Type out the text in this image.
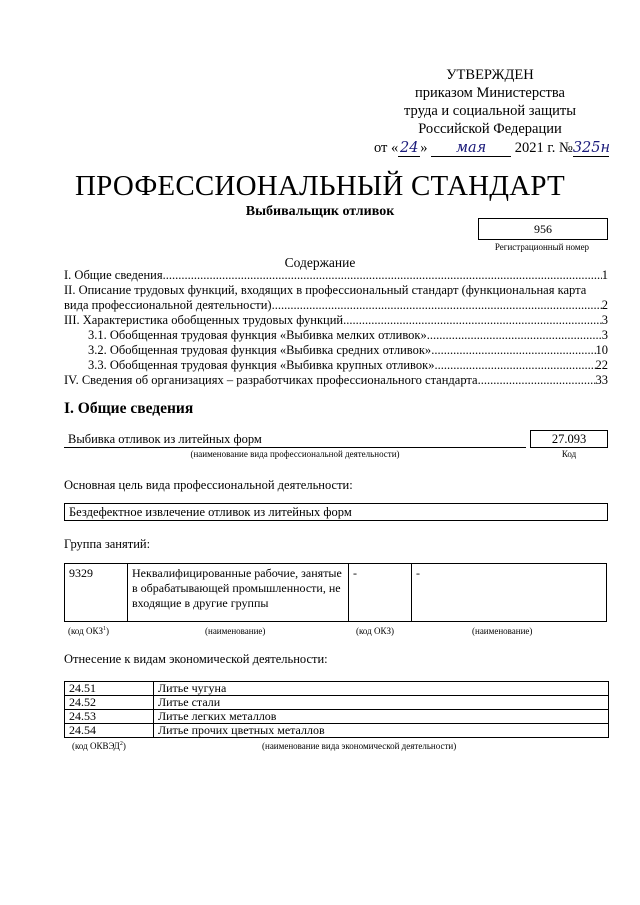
УТВЕРЖДЕН
приказом Министерства
труда и социальной защиты
Российской Федерации
от « 24 » мая 2021 г. №325н
ПРОФЕССИОНАЛЬНЫЙ СТАНДАРТ
Выбивальщик отливок
956
Регистрационный номер
Содержание
I. Общие сведения .....	1
II. Описание трудовых функций, входящих в профессиональный стандарт (функциональная карта
вида профессиональной деятельности) .....	2
III. Характеристика обобщенных трудовых функций .....	3
3.1. Обобщенная трудовая функция «Выбивка мелких отливок» .....	3
3.2. Обобщенная трудовая функция «Выбивка средних отливок» .....	10
3.3. Обобщенная трудовая функция «Выбивка крупных отливок» .....	22
IV. Сведения об организациях – разработчиках профессионального стандарта .....	33
I. Общие сведения
Выбивка отливок из литейных форм
(наименование вида профессиональной деятельности)
27.093
Код
Основная цель вида профессиональной деятельности:
Бездефектное извлечение отливок из литейных форм
Группа занятий:
9329	Неквалифицированные рабочие, занятые в обрабатывающей промышленности, не входящие в другие группы	-	-
(код ОКЗ$^1$)	(наименование)	(код ОКЗ)	(наименование)
Отнесение к видам экономической деятельности:
24.51	Литье чугуна
24.52	Литье стали
24.53	Литье легких металлов
24.54	Литье прочих цветных металлов
(код ОКВЭД$^2$)	(наименование вида экономической деятельности)
